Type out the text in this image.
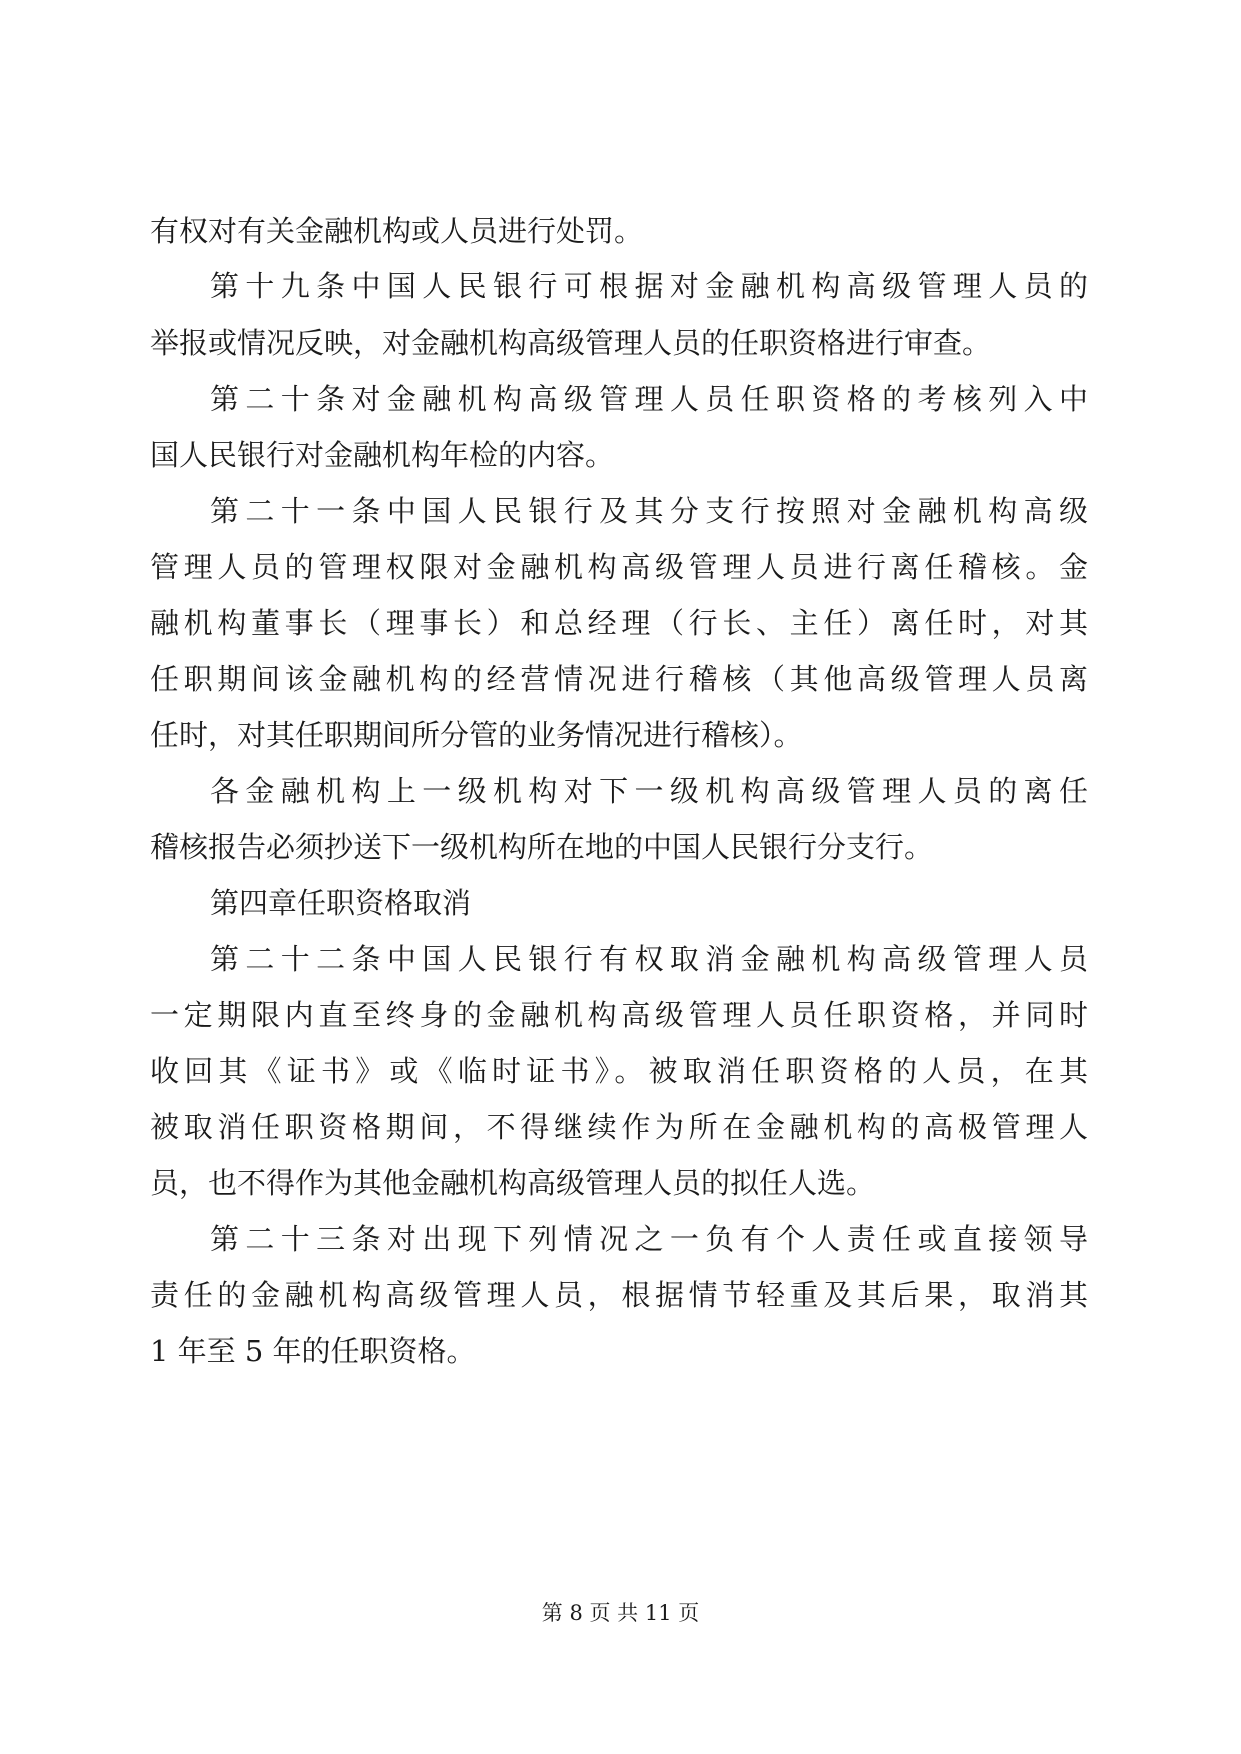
有权对有关金融机构或人员进行处罚。
第十九条中国人民银行可根据对金融机构高级管理人员的
举报或情况反映，对金融机构高级管理人员的任职资格进行审查。
第二十条对金融机构高级管理人员任职资格的考核列入中
国人民银行对金融机构年检的内容。
第二十一条中国人民银行及其分支行按照对金融机构高级
管理人员的管理权限对金融机构高级管理人员进行离任稽核。金
融机构董事长（理事长）和总经理（行长、主任）离任时，对其
任职期间该金融机构的经营情况进行稽核（其他高级管理人员离
任时，对其任职期间所分管的业务情况进行稽核）。
各金融机构上一级机构对下一级机构高级管理人员的离任
稽核报告必须抄送下一级机构所在地的中国人民银行分支行。
第四章任职资格取消
第二十二条中国人民银行有权取消金融机构高级管理人员
一定期限内直至终身的金融机构高级管理人员任职资格，并同时
收回其《证书》或《临时证书》。被取消任职资格的人员，在其
被取消任职资格期间，不得继续作为所在金融机构的高极管理人
员，也不得作为其他金融机构高级管理人员的拟任人选。
第二十三条对出现下列情况之一负有个人责任或直接领导
责任的金融机构高级管理人员，根据情节轻重及其后果，取消其
1 年至 5 年的任职资格。
第 8 页 共 11 页
